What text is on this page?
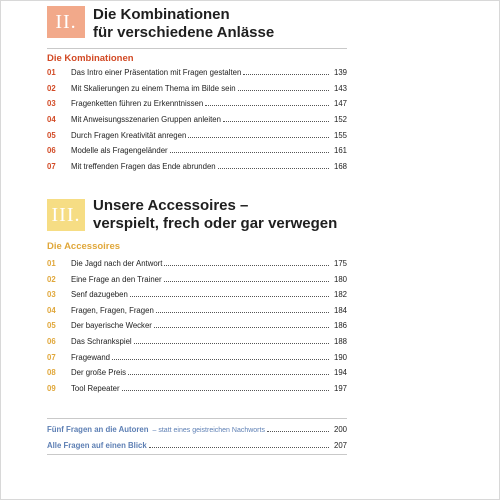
II. Die Kombinationen
für verschiedene Anlässe
Die Kombinationen
01	Das Intro einer Präsentation mit Fragen gestalten	139
02	Mit Skalierungen zu einem Thema im Bilde sein	143
03	Fragenketten führen zu Erkenntnissen	147
04	Mit Anweisungsszenarien Gruppen anleiten	152
05	Durch Fragen Kreativität anregen	155
06	Modelle als Fragengeländer	161
07	Mit treffenden Fragen das Ende abrunden	168
III. Unsere Accessoires –
verspielt, frech oder gar verwegen
Die Accessoires
01	Die Jagd nach der Antwort	175
02	Eine Frage an den Trainer	180
03	Senf dazugeben	182
04	Fragen, Fragen, Fragen	184
05	Der bayerische Wecker	186
06	Das Schrankspiel	188
07	Fragewand	190
08	Der große Preis	194
09	Tool Repeater	197
Fünf Fragen an die Autoren – statt eines geistreichen Nachworts	200
Alle Fragen auf einen Blick	207
